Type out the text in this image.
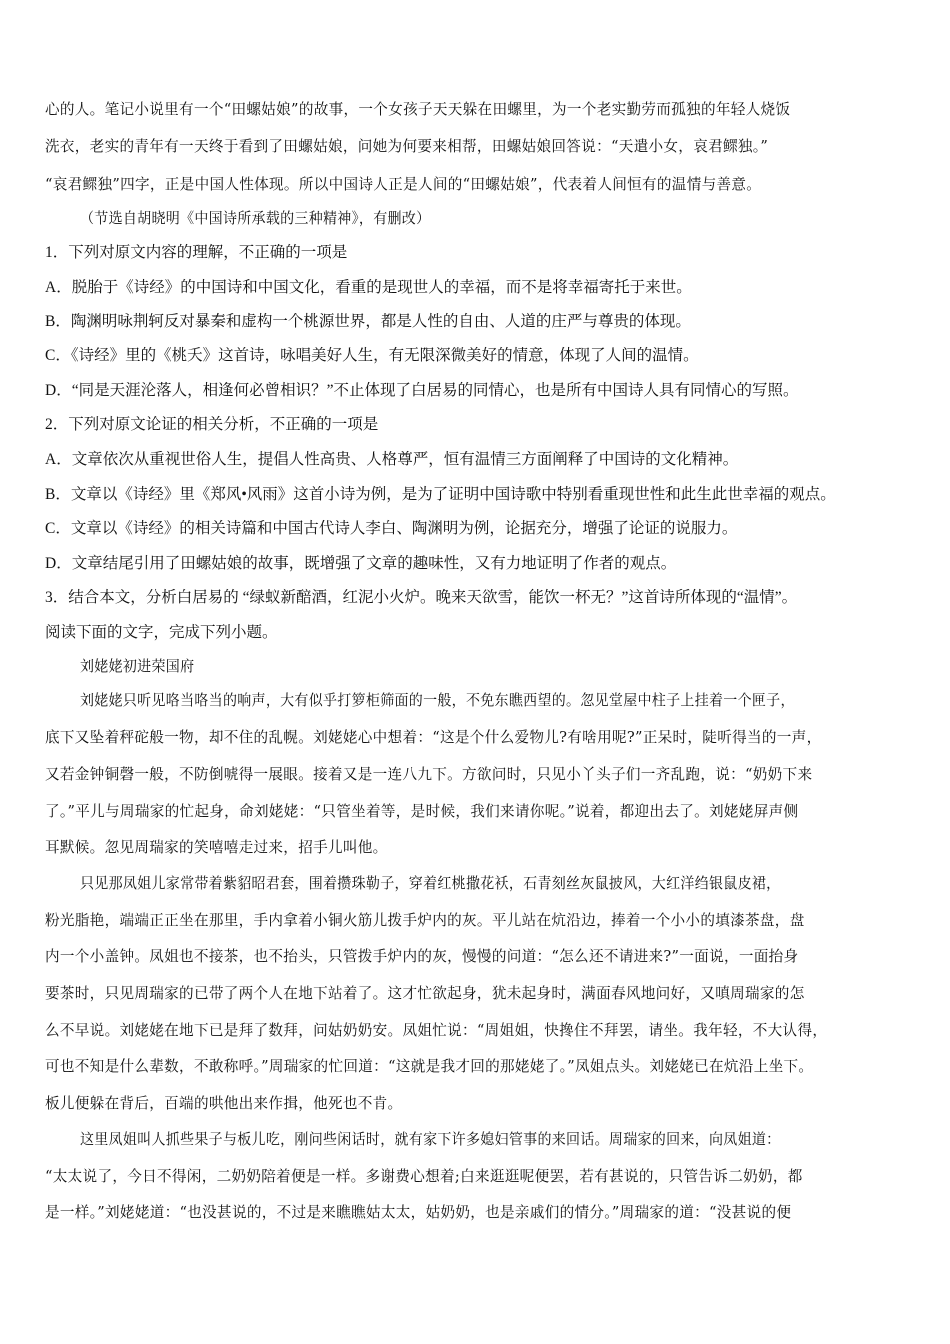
心的人。笔记小说里有一个“田螺姑娘”的故事，一个女孩子天天躲在田螺里，为一个老实勤劳而孤独的年轻人烧饭
洗衣，老实的青年有一天终于看到了田螺姑娘，问她为何要来相帮，田螺姑娘回答说：“天遣小女，哀君鳏独。”
“哀君鳏独”四字，正是中国人性体现。所以中国诗人正是人间的“田螺姑娘”，代表着人间恒有的温情与善意。
（节选自胡晓明《中国诗所承载的三种精神》，有删改）
1．下列对原文内容的理解，不正确的一项是
A．脱胎于《诗经》的中国诗和中国文化，看重的是现世人的幸福，而不是将幸福寄托于来世。
B．陶渊明咏荆轲反对暴秦和虚构一个桃源世界，都是人性的自由、人道的庄严与尊贵的体现。
C．《诗经》里的《桃夭》这首诗，咏唱美好人生，有无限深微美好的情意，体现了人间的温情。
D．“同是天涯沦落人，相逢何必曾相识？”不止体现了白居易的同情心，也是所有中国诗人具有同情心的写照。
2．下列对原文论证的相关分析，不正确的一项是
A．文章依次从重视世俗人生，提倡人性高贵、人格尊严，恒有温情三方面阐释了中国诗的文化精神。
B．文章以《诗经》里《郑风•风雨》这首小诗为例，是为了证明中国诗歌中特别看重现世性和此生此世幸福的观点。
C．文章以《诗经》的相关诗篇和中国古代诗人李白、陶渊明为例，论据充分，增强了论证的说服力。
D．文章结尾引用了田螺姑娘的故事，既增强了文章的趣味性，又有力地证明了作者的观点。
3．结合本文，分析白居易的 “绿蚁新醅酒，红泥小火炉。晚来天欲雪，能饮一杯无？”这首诗所体现的“温情”。
阅读下面的文字，完成下列小题。
刘姥姥初进荣国府
刘姥姥只听见咯当咯当的响声，大有似乎打箩柜筛面的一般，不免东瞧西望的。忽见堂屋中柱子上挂着一个匣子，
底下又坠着秤砣般一物，却不住的乱幌。刘姥姥心中想着：“这是个什么爱物儿?有啥用呢?”正呆时，陡听得当的一声，
又若金钟铜磬一般，不防倒唬得一展眼。接着又是一连八九下。方欲问时，只见小丫头子们一齐乱跑，说：“奶奶下来
了。”平儿与周瑞家的忙起身，命刘姥姥：“只管坐着等，是时候，我们来请你呢。”说着，都迎出去了。刘姥姥屏声侧
耳默候。忽见周瑞家的笑嘻嘻走过来，招手儿叫他。
只见那凤姐儿家常带着紫貂昭君套，围着攒珠勒子，穿着红桃撒花袄，石青刻丝灰鼠披风，大红洋绉银鼠皮裙，
粉光脂艳，端端正正坐在那里，手内拿着小铜火筋儿拨手炉内的灰。平儿站在炕沿边，捧着一个小小的填漆茶盘，盘
内一个小盖钟。凤姐也不接茶，也不抬头，只管拨手炉内的灰，慢慢的问道：“怎么还不请进来?”一面说，一面抬身
要茶时，只见周瑞家的已带了两个人在地下站着了。这才忙欲起身，犹未起身时，满面春风地问好，又嗔周瑞家的怎
么不早说。刘姥姥在地下已是拜了数拜，问姑奶奶安。凤姐忙说：“周姐姐，快搀住不拜罢，请坐。我年轻，不大认得，
可也不知是什么辈数，不敢称呼。”周瑞家的忙回道：“这就是我才回的那姥姥了。”凤姐点头。刘姥姥已在炕沿上坐下。
板儿便躲在背后，百端的哄他出来作揖，他死也不肯。
这里凤姐叫人抓些果子与板儿吃，刚问些闲话时，就有家下许多媳妇管事的来回话。周瑞家的回来，向凤姐道：
“太太说了，今日不得闲，二奶奶陪着便是一样。多谢费心想着;白来逛逛呢便罢，若有甚说的，只管告诉二奶奶，都
是一样。”刘姥姥道：“也没甚说的，不过是来瞧瞧姑太太，姑奶奶，也是亲戚们的情分。”周瑞家的道：“没甚说的便
